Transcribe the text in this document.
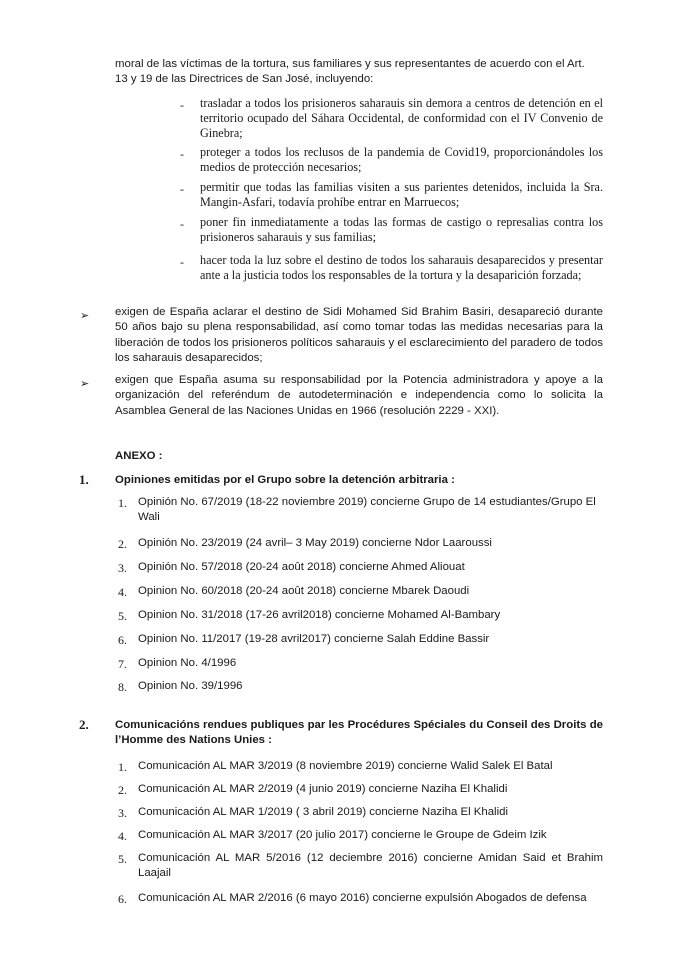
moral de las víctimas de la tortura, sus familiares y sus representantes de acuerdo con el Art.
13 y 19 de las Directrices de San José, incluyendo:
- trasladar a todos los prisioneros saharauis sin demora a centros de detención en el territorio ocupado del Sáhara Occidental, de conformidad con el IV Convenio de Ginebra;
- proteger a todos los reclusos de la pandemia de Covid19, proporcionándoles los medios de protección necesarios;
- permitir que todas las familias visiten a sus parientes detenidos, incluida la Sra. Mangin-Asfari, todavía prohíbe entrar en Marruecos;
- poner fin inmediatamente a todas las formas de castigo o represalias contra los prisioneros saharauis y sus familias;
- hacer toda la luz sobre el destino de todos los saharauis desaparecidos y presentar ante a la justicia todos los responsables de la tortura y la desaparición forzada;
➢ exigen de España aclarar el destino de Sidi Mohamed Sid Brahim Basiri, desapareció durante 50 años bajo su plena responsabilidad, así como tomar todas las medidas necesarias para la liberación de todos los prisioneros políticos saharauis y el esclarecimiento del paradero de todos los saharauis desaparecidos;
➢ exigen que España asuma su responsabilidad por la Potencia administradora y apoye a la organización del referéndum de autodeterminación e independencia como lo solicita la Asamblea General de las Naciones Unidas en 1966 (resolución 2229 - XXI).
ANEXO :
1. Opiniones emitidas por el Grupo sobre la detención arbitraria :
1. Opinión No. 67/2019 (18-22 noviembre 2019) concierne Grupo de 14 estudiantes/Grupo El Wali
2. Opinión No. 23/2019 (24 avril– 3 May 2019) concierne Ndor Laaroussi
3. Opinión No. 57/2018 (20-24 août 2018) concierne Ahmed Aliouat
4. Opinion No. 60/2018 (20-24 août 2018) concierne Mbarek Daoudi
5. Opinion No. 31/2018 (17-26 avril2018) concierne Mohamed Al-Bambary
6. Opinion No. 11/2017 (19-28 avril2017) concierne Salah Eddine Bassir
7. Opinion No. 4/1996
8. Opinion No. 39/1996
2. Comunicacións rendues publiques par les Procédures Spéciales du Conseil des Droits de
l’Homme des Nations Unies :
1. Comunicación AL MAR 3/2019 (8 noviembre 2019) concierne Walid Salek El Batal
2. Comunicación AL MAR 2/2019 (4 junio 2019) concierne Naziha El Khalidi
3. Comunicación AL MAR 1/2019 ( 3 abril 2019) concierne Naziha El Khalidi
4. Comunicación AL MAR 3/2017 (20 julio 2017) concierne le Groupe de Gdeim Izik
5. Comunicación AL MAR 5/2016 (12 deciembre 2016) concierne Amidan Said et Brahim Laajail
6. Comunicación AL MAR 2/2016 (6 mayo 2016) concierne expulsión Abogados de defensa
